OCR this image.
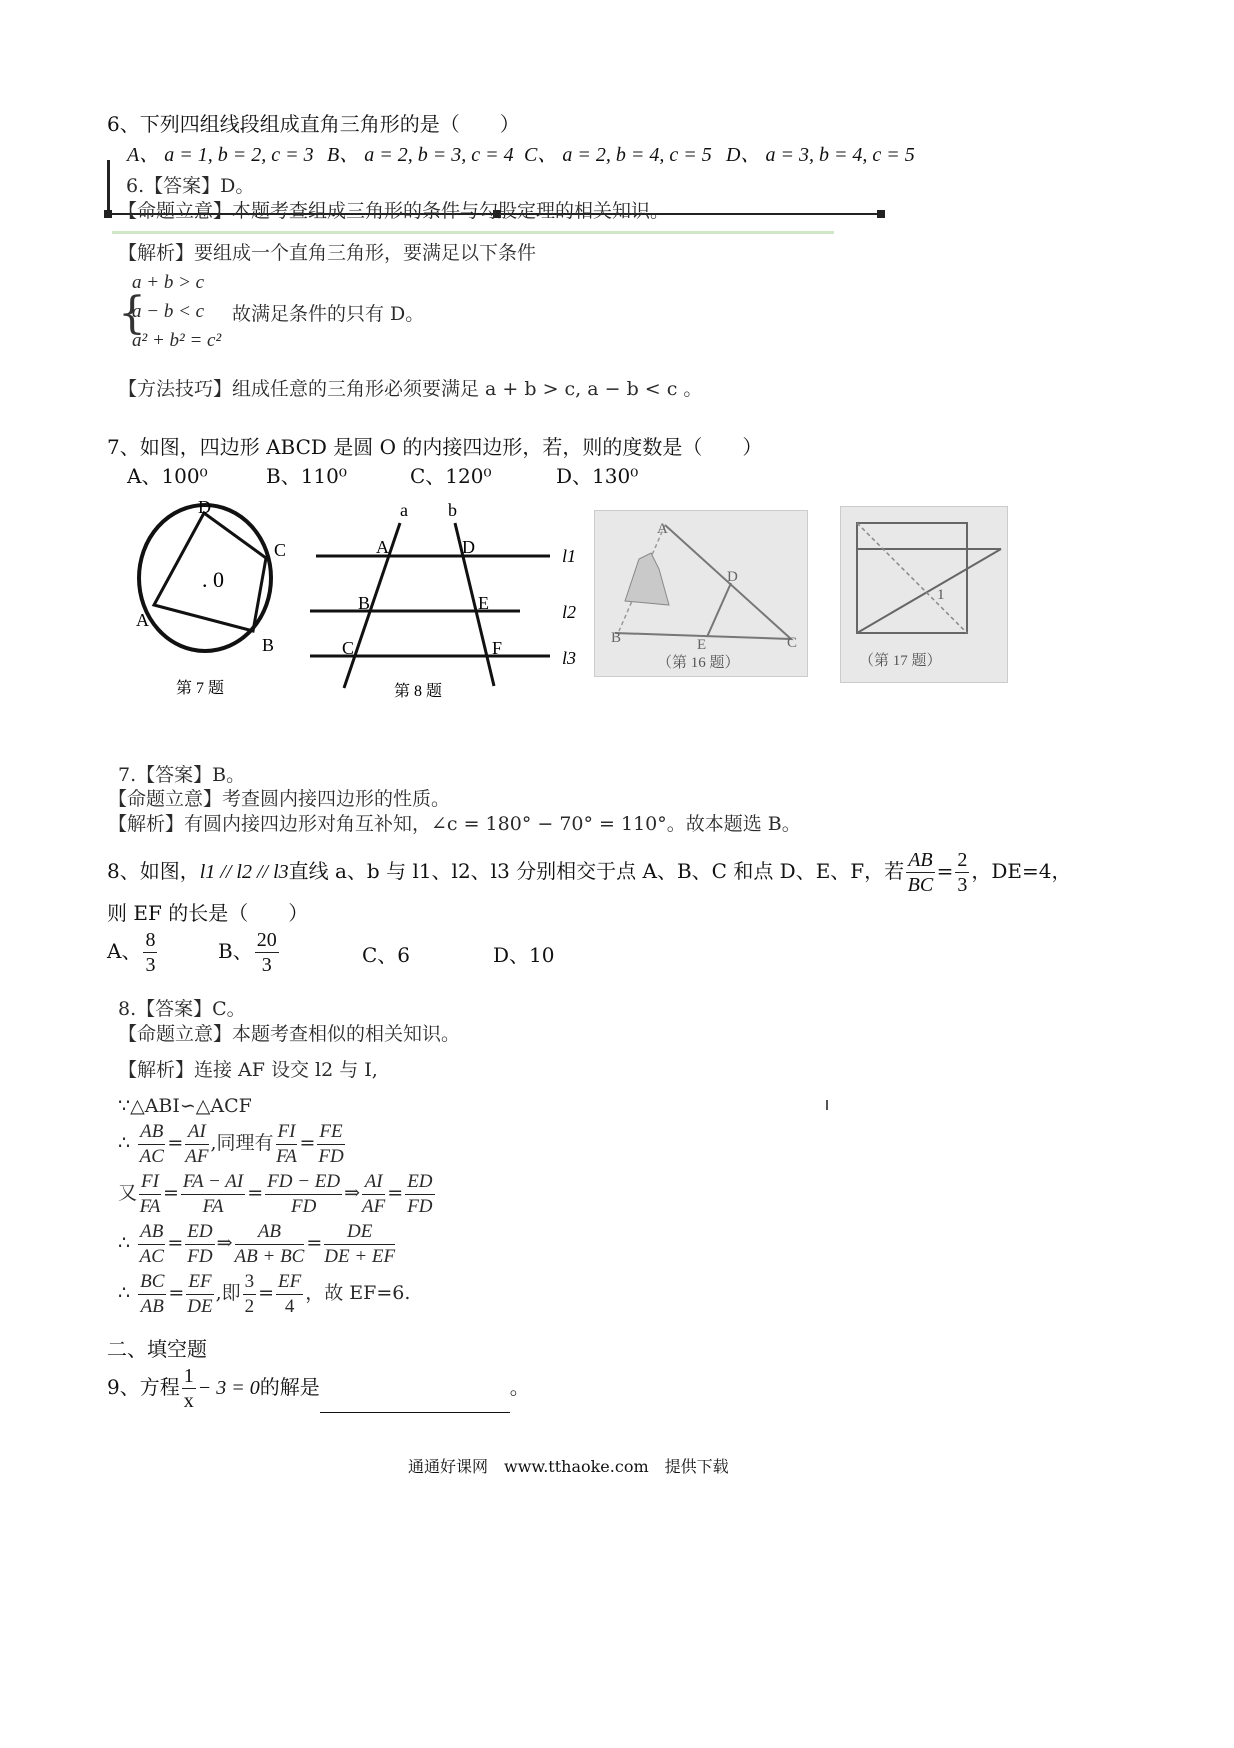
6、下列四组线段组成直角三角形的是（　　）
A、 a = 1, b = 2, c = 3 B、 a = 2, b = 3, c = 4 C、 a = 2, b = 4, c = 5 D、 a = 3, b = 4, c = 5
6.【答案】D。
【命题立意】本题考查组成三角形的条件与勾股定理的相关知识。
【解析】要组成一个直角三角形，要满足以下条件
{
a + b > c
a − b < c
a² + b² = c²
故满足条件的只有 D。
【方法技巧】组成任意的三角形必须要满足 a + b > c, a − b < c 。
7、如图，四边形 ABCD 是圆 O 的内接四边形，若，则的度数是（　　）
A、100⁰	B、110⁰	C、120⁰	D、130⁰
D
C
A
B
. 0
第 7 题
a b
A	D
B	E
C	F
l1
l2
l3
第 8 题
A
D
B	E	C
（第 16 题）
1
（第 17 题）
7.【答案】B。
【命题立意】考查圆内接四边形的性质。
【解析】有圆内接四边形对角互补知，∠c = 180° − 70° = 110°。故本题选 B。
8、如图，l1 // l2 // l3直线 a、b 与 l1、l2、l3 分别相交于点 A、B、C 和点 D、E、F，若 $\frac{AB}{BC} = \frac{2}{3}$ ，DE=4，
则 EF 的长是（　　）
A、 $\frac{8}{3}$	B、 $\frac{20}{3}$	C、6	D、10
8.【答案】C。
【命题立意】本题考查相似的相关知识。
【解析】连接 AF 设交 l2 与 I,
∵△ABI∽△ACF
∴ $\frac{AB}{AC} = \frac{AI}{AF}$ ,同理有 $\frac{FI}{FA} = \frac{FE}{FD}$
又 $\frac{FI}{FA} = \frac{FA - AI}{FA} = \frac{FD - ED}{FD}$ ⇒ $\frac{AI}{AF} = \frac{ED}{FD}$
∴ $\frac{AB}{AC} = \frac{ED}{FD}$ ⇒ $\frac{AB}{AB + BC} = \frac{DE}{DE + EF}$
∴ $\frac{BC}{AB} = \frac{EF}{DE}$ ,即 $\frac{3}{2} = \frac{EF}{4}$ ，故 EF=6.
二、填空题
9、方程 $\frac{1}{x} - 3 = 0$的解是	。
通通好课网　www.tthaoke.com　提供下载
